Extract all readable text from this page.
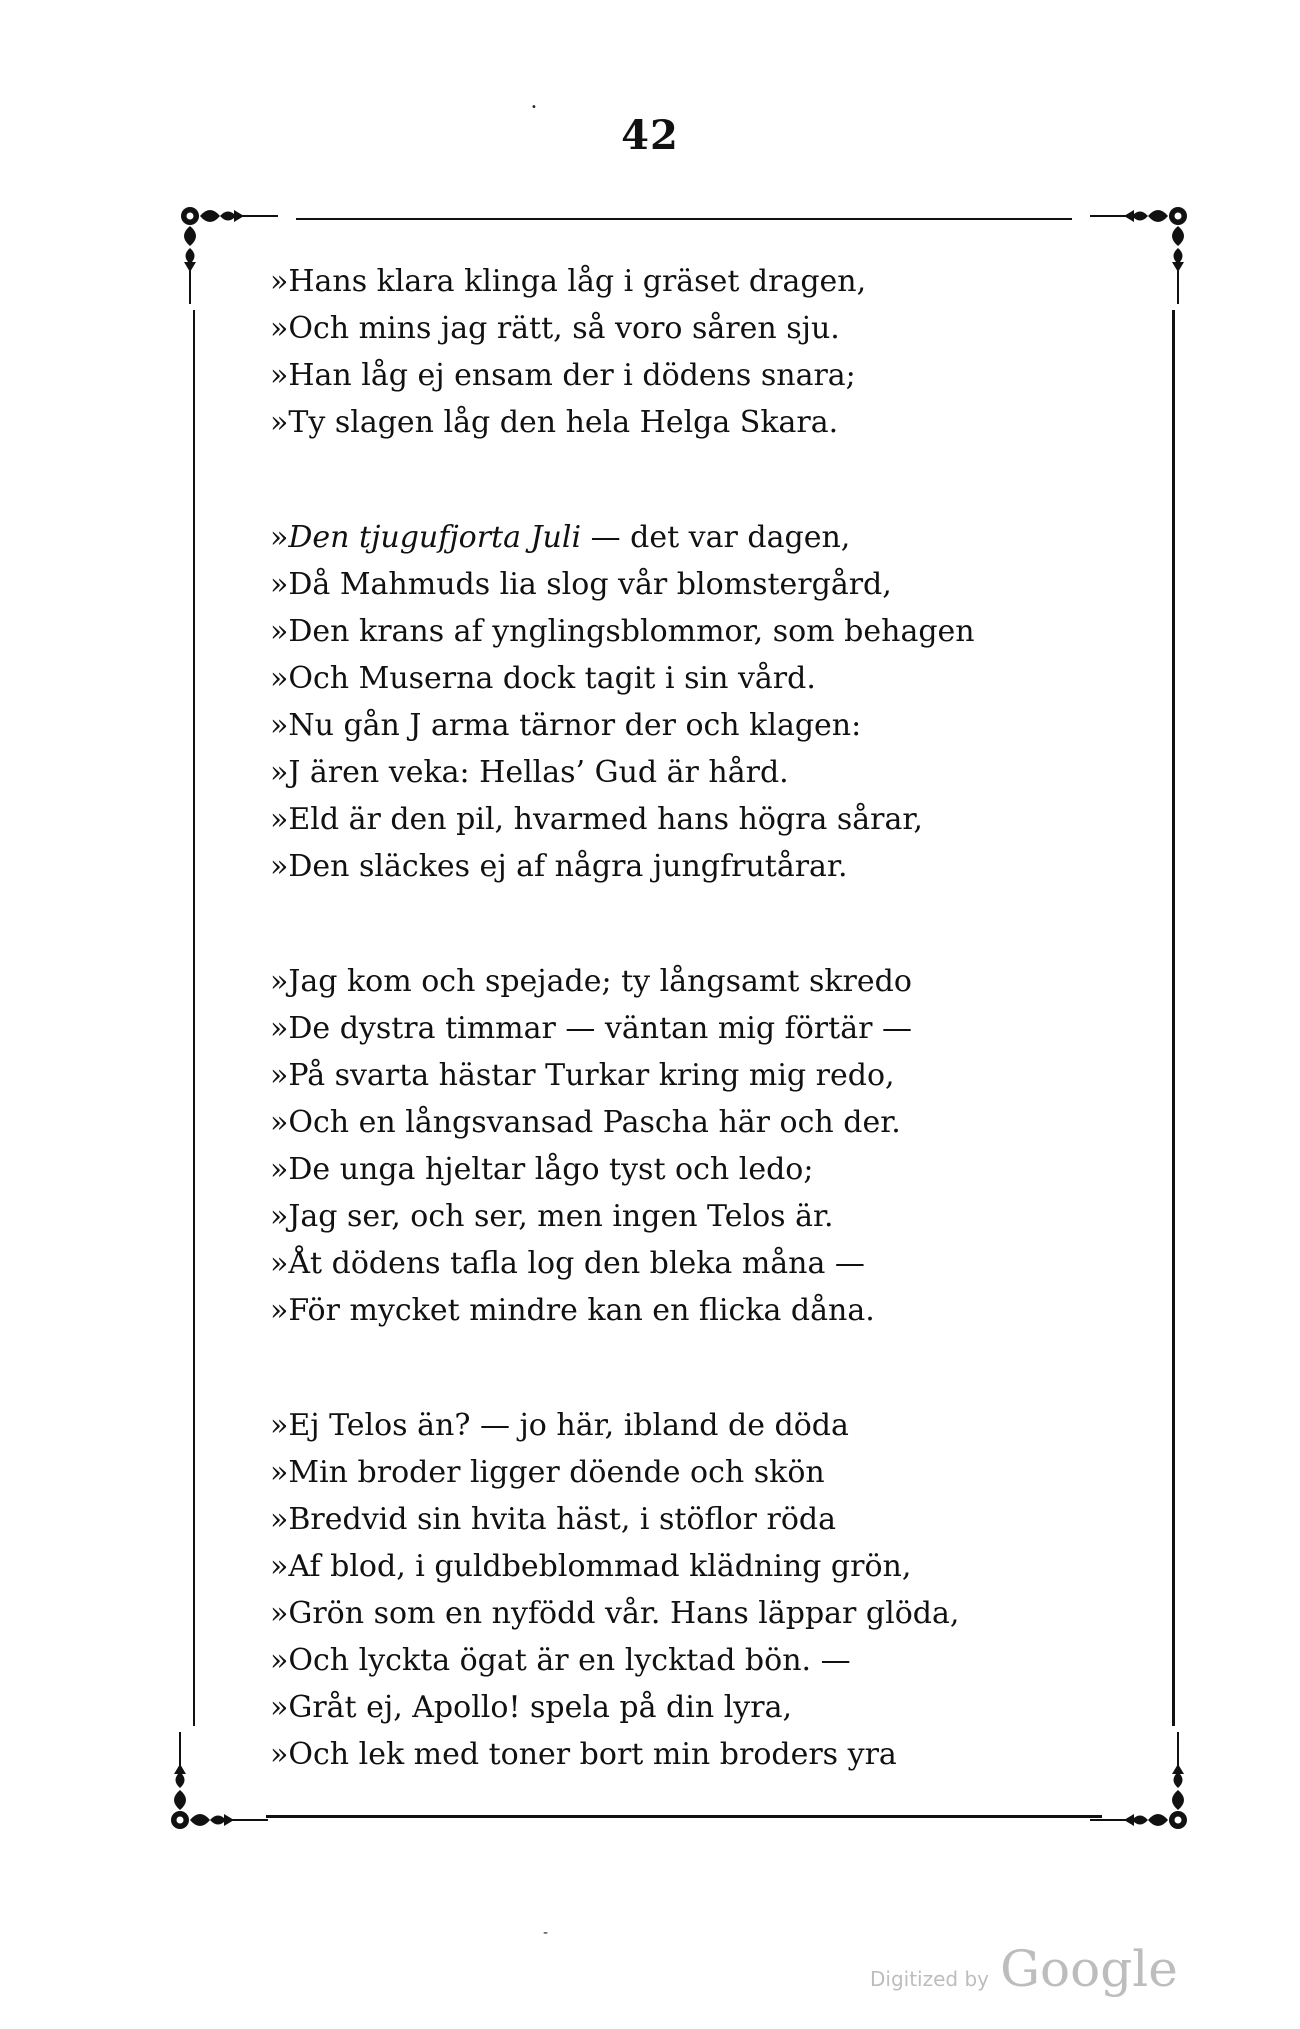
42
•
»Hans klara klinga låg i gräset dragen,
»Och mins jag rätt, så voro såren sju.
»Han låg ej ensam der i dödens snara;
»Ty slagen låg den hela Helga Skara.
»Den tjugufjorta Juli — det var dagen,
»Då Mahmuds lia slog vår blomstergård,
»Den krans af ynglingsblommor, som behagen
»Och Muserna dock tagit i sin vård.
»Nu gån J arma tärnor der och klagen:
»J ären veka: Hellas’ Gud är hård.
»Eld är den pil, hvarmed hans högra sårar,
»Den släckes ej af några jungfrutårar.
»Jag kom och spejade; ty långsamt skredo
»De dystra timmar — väntan mig förtär —
»På svarta hästar Turkar kring mig redo,
»Och en långsvansad Pascha här och der.
»De unga hjeltar lågo tyst och ledo;
»Jag ser, och ser, men ingen Telos är.
»Åt dödens tafla log den bleka måna —
»För mycket mindre kan en flicka dåna.
»Ej Telos än? — jo här, ibland de döda
»Min broder ligger döende och skön
»Bredvid sin hvita häst, i stöflor röda
»Af blod, i guldbeblommad klädning grön,
»Grön som en nyfödd vår. Hans läppar glöda,
»Och lyckta ögat är en lycktad bön. —
»Gråt ej, Apollo! spela på din lyra,
»Och lek med toner bort min broders yra
-
Digitized by Google
